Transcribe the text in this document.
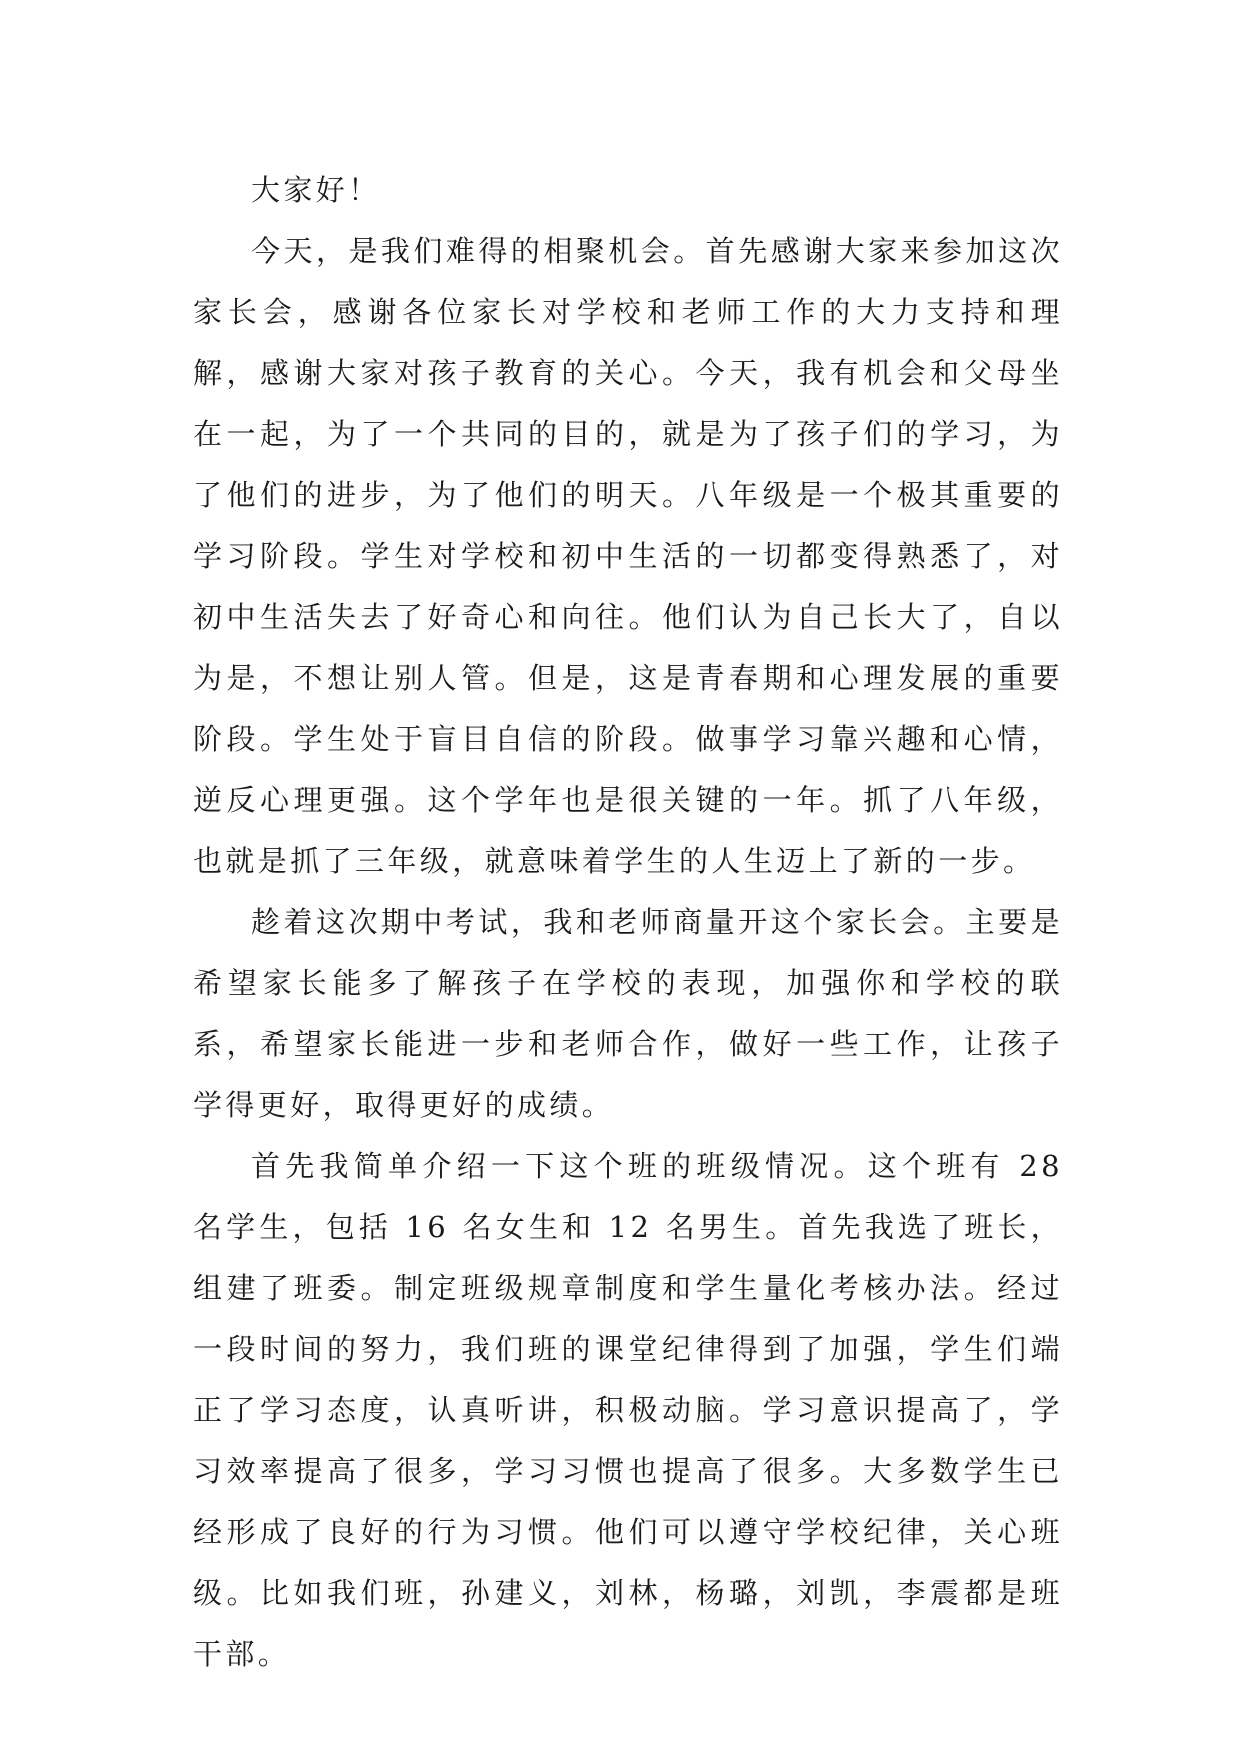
大家好！

今天，是我们难得的相聚机会。首先感谢大家来参加这次家长会，感谢各位家长对学校和老师工作的大力支持和理解，感谢大家对孩子教育的关心。今天，我有机会和父母坐在一起，为了一个共同的目的，就是为了孩子们的学习，为了他们的进步，为了他们的明天。八年级是一个极其重要的学习阶段。学生对学校和初中生活的一切都变得熟悉了，对初中生活失去了好奇心和向往。他们认为自己长大了，自以为是，不想让别人管。但是，这是青春期和心理发展的重要阶段。学生处于盲目自信的阶段。做事学习靠兴趣和心情，逆反心理更强。这个学年也是很关键的一年。抓了八年级，也就是抓了三年级，就意味着学生的人生迈上了新的一步。

趁着这次期中考试，我和老师商量开这个家长会。主要是希望家长能多了解孩子在学校的表现，加强你和学校的联系，希望家长能进一步和老师合作，做好一些工作，让孩子学得更好，取得更好的成绩。

首先我简单介绍一下这个班的班级情况。这个班有 28 名学生，包括 16 名女生和 12 名男生。首先我选了班长，组建了班委。制定班级规章制度和学生量化考核办法。经过一段时间的努力，我们班的课堂纪律得到了加强，学生们端正了学习态度，认真听讲，积极动脑。学习意识提高了，学习效率提高了很多，学习习惯也提高了很多。大多数学生已经形成了良好的行为习惯。他们可以遵守学校纪律，关心班级。比如我们班，孙建义，刘林，杨璐，刘凯，李震都是班干部。
